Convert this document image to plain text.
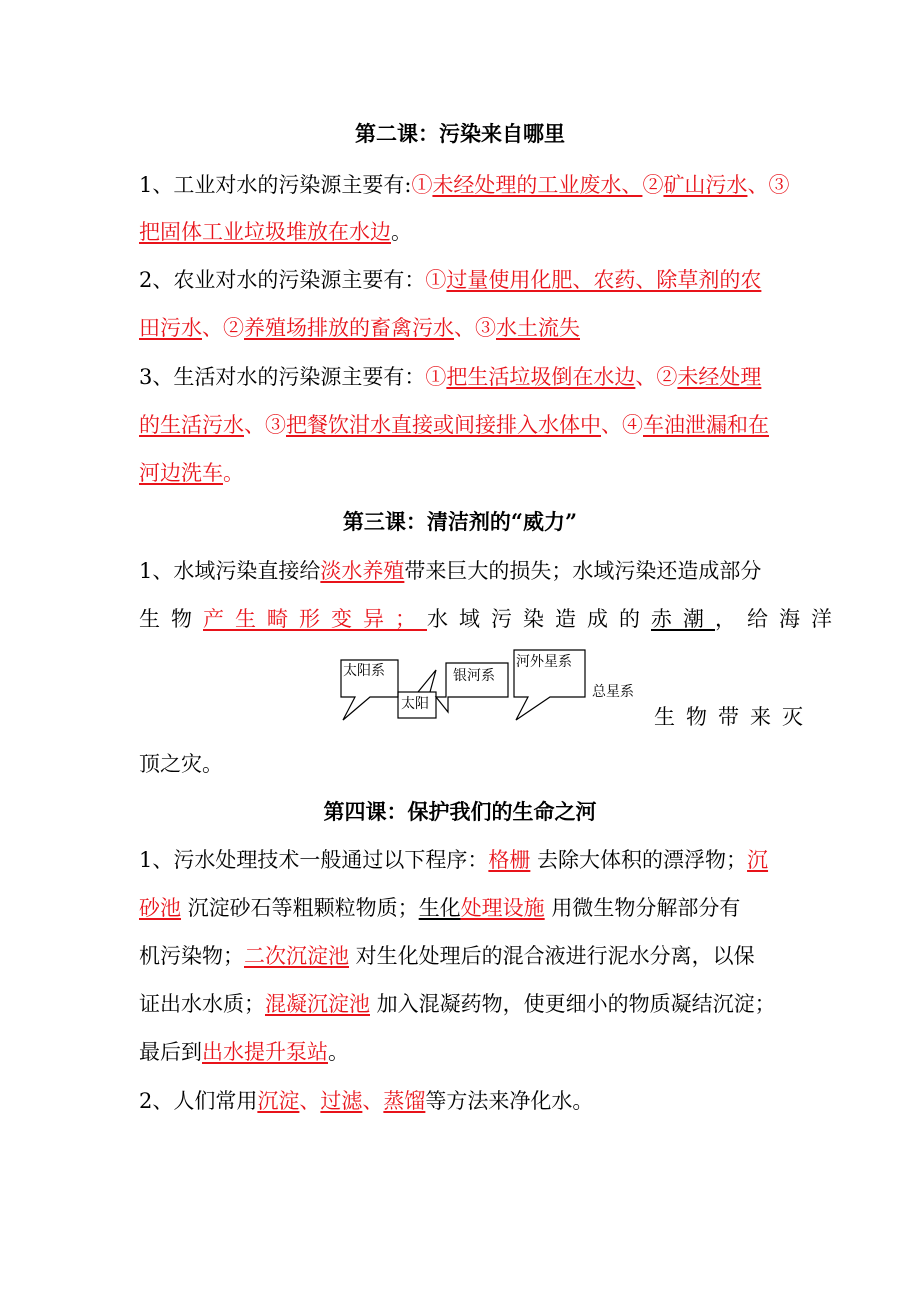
第二课：污染来自哪里
1、工业对水的污染源主要有:①未经处理的工业废水、②矿山污水、③
把固体工业垃圾堆放在水边。
2、农业对水的污染源主要有：①过量使用化肥、农药、除草剂的农
田污水、②养殖场排放的畜禽污水、③水土流失
3、生活对水的污染源主要有：①把生活垃圾倒在水边、②未经处理
的生活污水、③把餐饮泔水直接或间接排入水体中、④车油泄漏和在
河边洗车。
第三课：清洁剂的“威力”
1、水域污染直接给淡水养殖带来巨大的损失；水域污染还造成部分
生物产生畸形变异；水域污染造成的赤潮，给海洋
太阳系
太阳
银河系
河外星系
总星系
生物带来灭
顶之灾。
第四课：保护我们的生命之河
1、污水处理技术一般通过以下程序：格栅 去除大体积的漂浮物；沉
砂池 沉淀砂石等粗颗粒物质；生化处理设施 用微生物分解部分有
机污染物；二次沉淀池 对生化处理后的混合液进行泥水分离，以保
证出水水质；混凝沉淀池 加入混凝药物，使更细小的物质凝结沉淀；
最后到出水提升泵站。
2、人们常用沉淀、过滤、蒸馏等方法来净化水。
